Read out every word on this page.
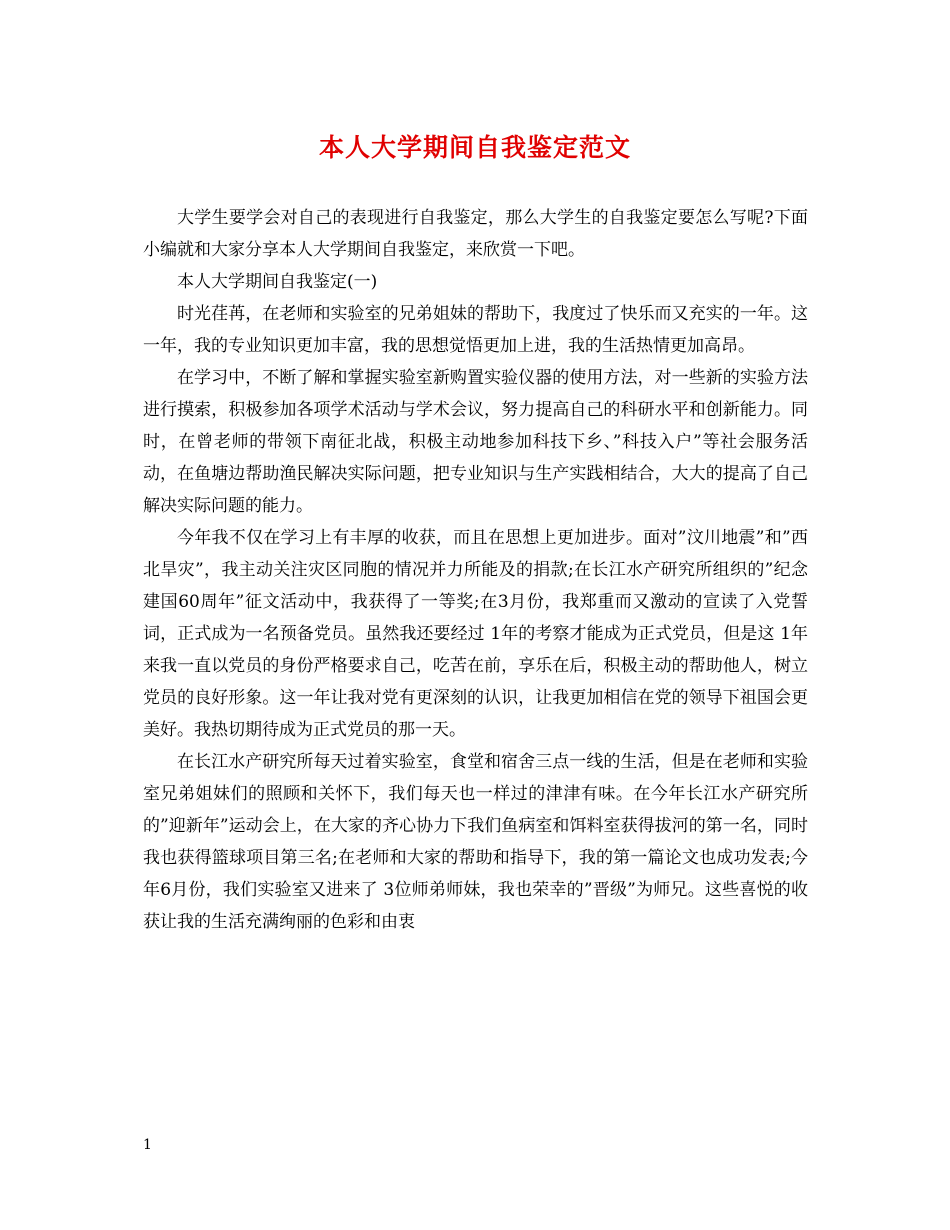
本人大学期间自我鉴定范文

大学生要学会对自己的表现进行自我鉴定，那么大学生的自我鉴定要怎么写呢?下面小编就和大家分享本人大学期间自我鉴定，来欣赏一下吧。

本人大学期间自我鉴定(一)

时光荏苒，在老师和实验室的兄弟姐妹的帮助下，我度过了快乐而又充实的一年。这一年，我的专业知识更加丰富，我的思想觉悟更加上进，我的生活热情更加高昂。

在学习中，不断了解和掌握实验室新购置实验仪器的使用方法，对一些新的实验方法进行摸索，积极参加各项学术活动与学术会议，努力提高自己的科研水平和创新能力。同时，在曾老师的带领下南征北战，积极主动地参加科技下乡、”科技入户”等社会服务活动，在鱼塘边帮助渔民解决实际问题，把专业知识与生产实践相结合，大大的提高了自己解决实际问题的能力。

今年我不仅在学习上有丰厚的收获，而且在思想上更加进步。面对”汶川地震”和”西北旱灾”，我主动关注灾区同胞的情况并力所能及的捐款;在长江水产研究所组织的”纪念建国60周年”征文活动中，我获得了一等奖;在3月份，我郑重而又激动的宣读了入党誓词，正式成为一名预备党员。虽然我还要经过 1年的考察才能成为正式党员，但是这 1年来我一直以党员的身份严格要求自己，吃苦在前，享乐在后，积极主动的帮助他人，树立党员的良好形象。这一年让我对党有更深刻的认识，让我更加相信在党的领导下祖国会更美好。我热切期待成为正式党员的那一天。

在长江水产研究所每天过着实验室，食堂和宿舍三点一线的生活，但是在老师和实验室兄弟姐妹们的照顾和关怀下，我们每天也一样过的津津有味。在今年长江水产研究所的”迎新年”运动会上，在大家的齐心协力下我们鱼病室和饵料室获得拔河的第一名，同时我也获得篮球项目第三名;在老师和大家的帮助和指导下，我的第一篇论文也成功发表;今年6月份，我们实验室又进来了 3位师弟师妹，我也荣幸的”晋级”为师兄。这些喜悦的收获让我的生活充满绚丽的色彩和由衷

1
